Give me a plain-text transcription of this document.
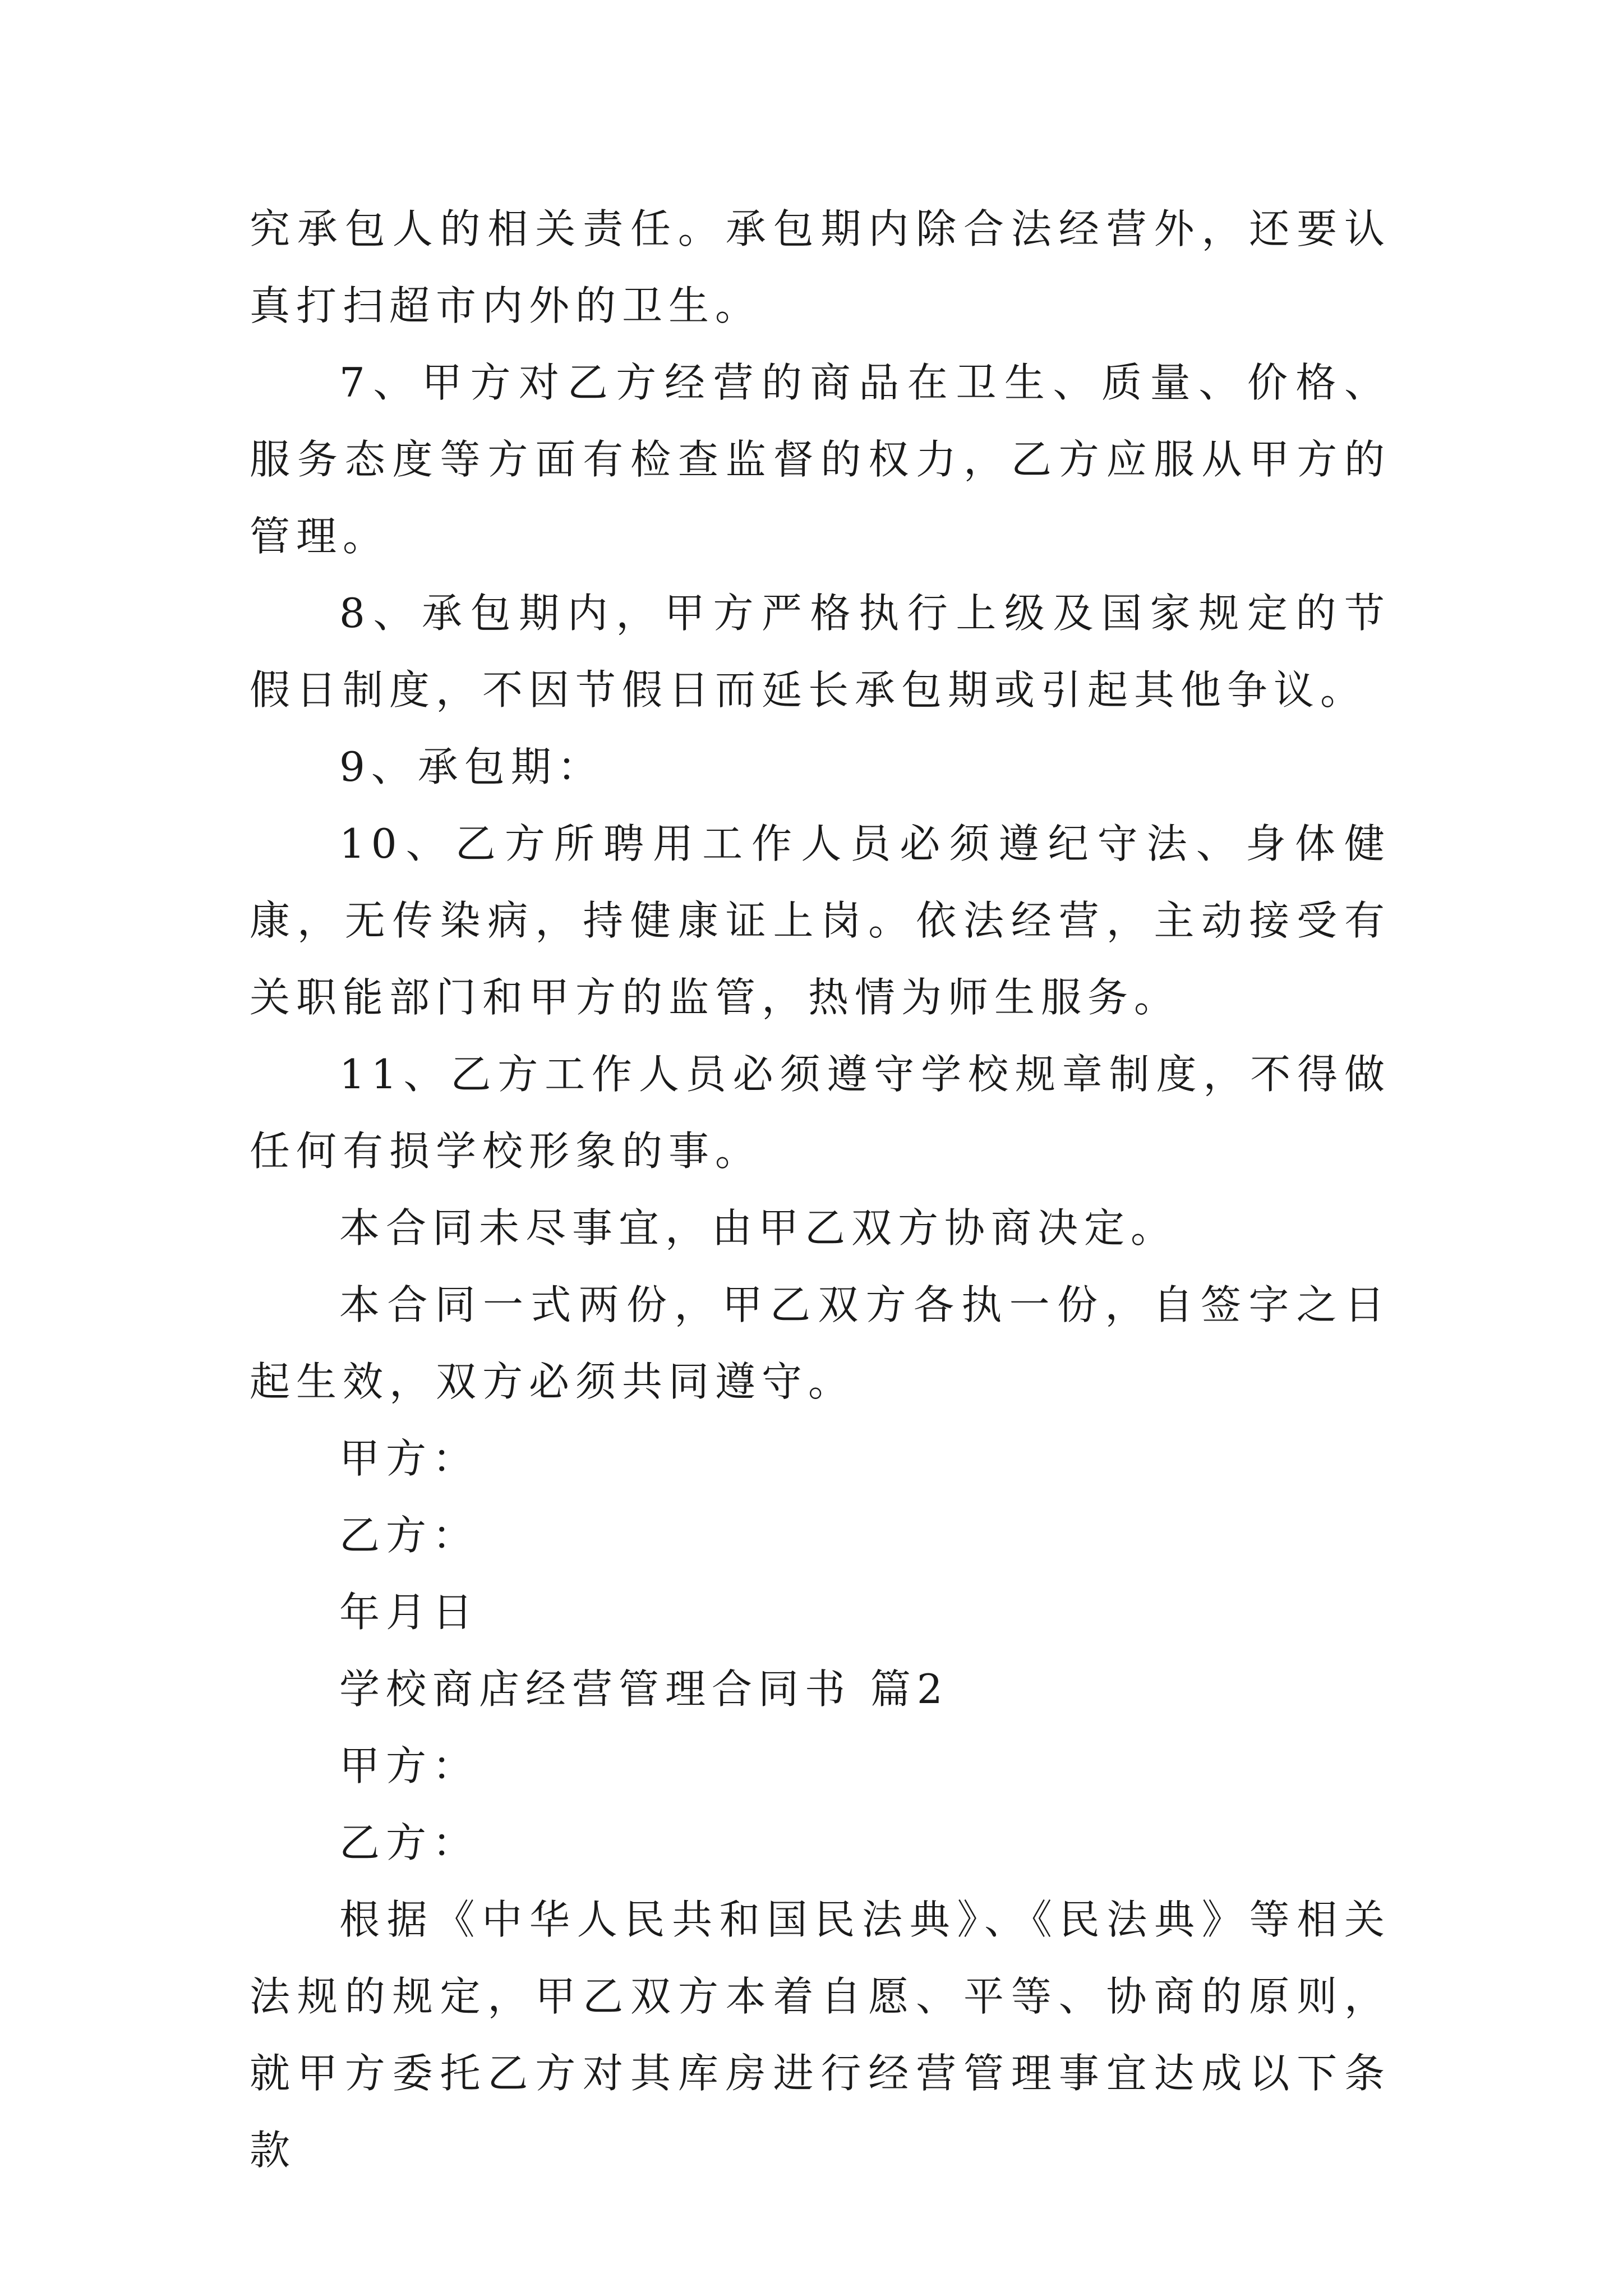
究承包人的相关责任。承包期内除合法经营外，还要认真打扫超市内外的卫生。

7、甲方对乙方经营的商品在卫生、质量、价格、服务态度等方面有检查监督的权力，乙方应服从甲方的管理。

8、承包期内，甲方严格执行上级及国家规定的节假日制度，不因节假日而延长承包期或引起其他争议。

9、承包期：

10、乙方所聘用工作人员必须遵纪守法、身体健康，无传染病，持健康证上岗。依法经营，主动接受有关职能部门和甲方的监管，热情为师生服务。

11、乙方工作人员必须遵守学校规章制度，不得做任何有损学校形象的事。

本合同未尽事宜，由甲乙双方协商决定。

本合同一式两份，甲乙双方各执一份，自签字之日起生效，双方必须共同遵守。

甲方：

乙方：

年月日

学校商店经营管理合同书 篇2

甲方：

乙方：

根据《中华人民共和国民法典》、《民法典》等相关法规的规定，甲乙双方本着自愿、平等、协商的原则，就甲方委托乙方对其库房进行经营管理事宜达成以下条款
